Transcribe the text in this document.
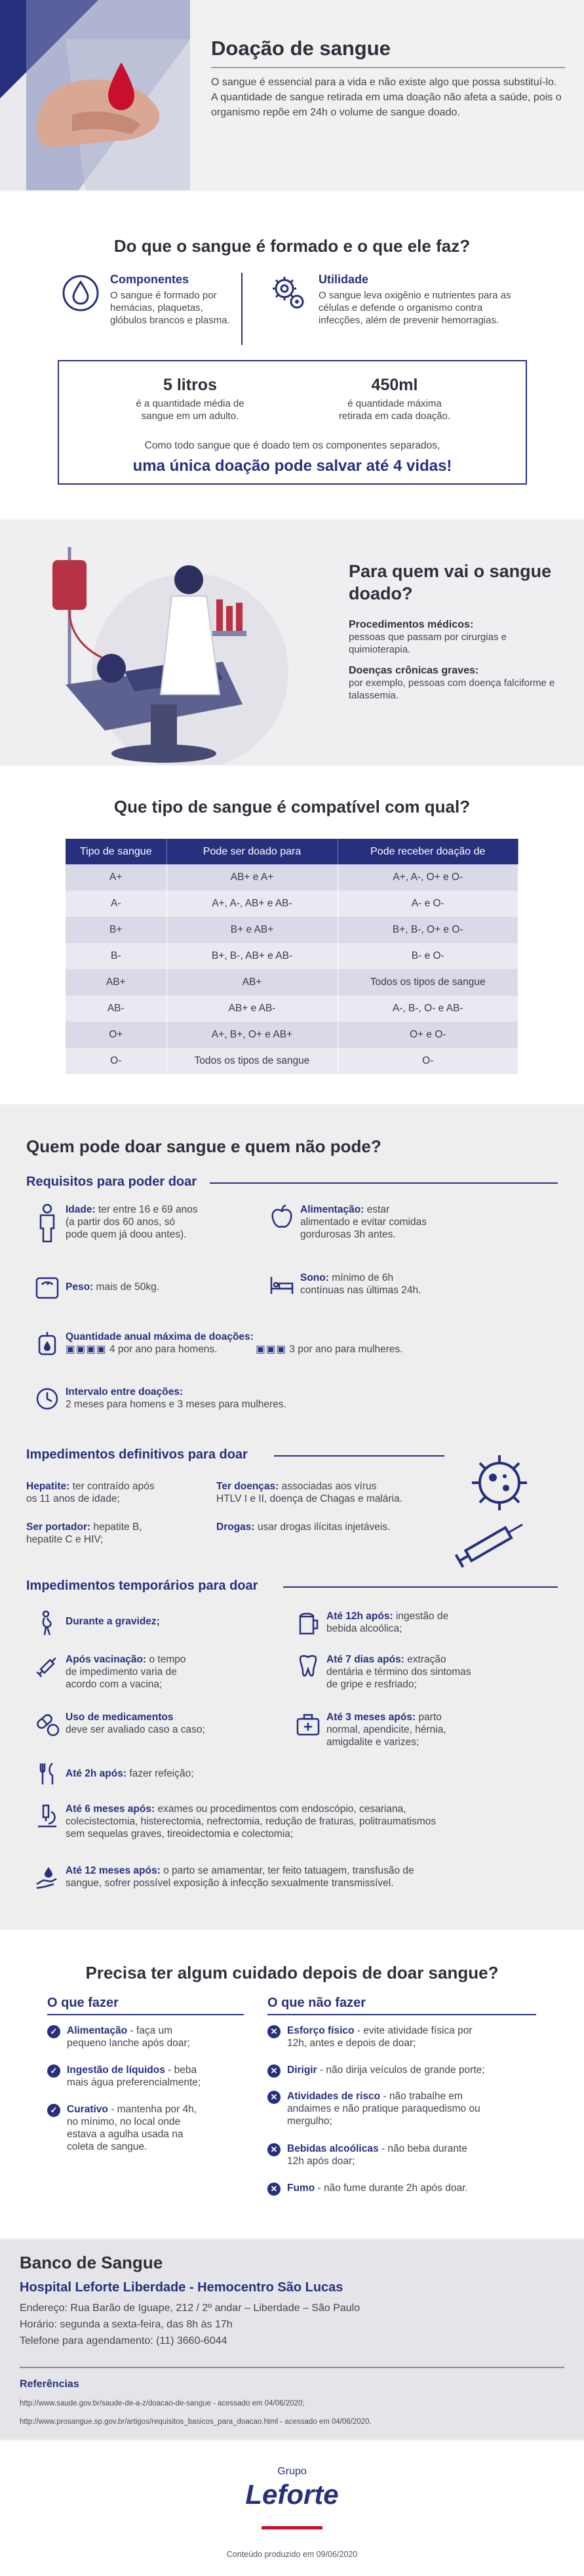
Doação de sangue
O sangue é essencial para a vida e não existe algo que possa substituí-lo. A quantidade de sangue retirada em uma doação não afeta a saúde, pois o organismo repõe em 24h o volume de sangue doado.
Do que o sangue é formado e o que ele faz?
Componentes
O sangue é formado por hemácias, plaquetas, glóbulos brancos e plasma.
Utilidade
O sangue leva oxigênio e nutrientes para as células e defende o organismo contra infecções, além de prevenir hemorragias.
5 litros
é a quantidade média de sangue em um adulto.
450ml
é quantidade máxima retirada em cada doação.
Como todo sangue que é doado tem os componentes separados,
uma única doação pode salvar até 4 vidas!
Para quem vai o sangue doado?
Procedimentos médicos:
pessoas que passam por cirurgias e quimioterapia.
Doenças crônicas graves:
por exemplo, pessoas com doença falciforme e talassemia.
Que tipo de sangue é compatível com qual?
Tipo de sangue	Pode ser doado para	Pode receber doação de
A+	AB+ e A+	A+, A-, O+ e O-
A-	A+, A-, AB+ e AB-	A- e O-
B+	B+ e AB+	B+, B-, O+ e O-
B-	B+, B-, AB+ e AB-	B- e O-
AB+	AB+	Todos os tipos de sangue
AB-	AB+ e AB-	A-, B-, O- e AB-
O+	A+, B+, O+ e AB+	O+ e O-
O-	Todos os tipos de sangue	O-
Quem pode doar sangue e quem não pode?
Requisitos para poder doar
Idade: ter entre 16 e 69 anos
(a partir dos 60 anos, só
pode quem já doou antes).
Alimentação: estar
alimentado e evitar comidas
gordurosas 3h antes.
Peso: mais de 50kg.
Sono: mínimo de 6h
contínuas nas últimas 24h.
Quantidade anual máxima de doações:
▣▣▣▣ 4 por ano para homens.	▣▣▣ 3 por ano para mulheres.
Intervalo entre doações:
2 meses para homens e 3 meses para mulheres.
Impedimentos definitivos para doar
Hepatite: ter contraído após
os 11 anos de idade;
Ter doenças: associadas aos vírus
HTLV I e II, doença de Chagas e malária.
Ser portador: hepatite B,
hepatite C e HIV;
Drogas: usar drogas ilícitas injetáveis.
Impedimentos temporários para doar
Durante a gravidez;	Até 12h após: ingestão de
bebida alcoólica;
Após vacinação: o tempo
de impedimento varia de
acordo com a vacina;
Até 7 dias após: extração
dentária e término dos sintomas
de gripe e resfriado;
Uso de medicamentos
deve ser avaliado caso a caso;
Até 3 meses após: parto
normal, apendicite, hérnia,
amigdalite e varizes;
Até 2h após: fazer refeição;
Até 6 meses após: exames ou procedimentos com endoscópio, cesariana,
colecistectomia, histerectomia, nefrectomia, redução de fraturas, politraumatismos
sem sequelas graves, tireoidectomia e colectomia;
Até 12 meses após: o parto se amamentar, ter feito tatuagem, transfusão de
sangue, sofrer possível exposição à infecção sexualmente transmissível.
Precisa ter algum cuidado depois de doar sangue?
O que fazer
✓ Alimentação - faça um
pequeno lanche após doar;
✓ Ingestão de líquidos - beba
mais água preferencialmente;
✓ Curativo - mantenha por 4h,
no mínimo, no local onde
estava a agulha usada na
coleta de sangue.
O que não fazer
✕ Esforço físico - evite atividade física por
12h, antes e depois de doar;
✕ Dirigir - não dirija veículos de grande porte;
✕ Atividades de risco - não trabalhe em
andaimes e não pratique paraquedismo ou
mergulho;
✕ Bebidas alcoólicas - não beba durante
12h após doar;
✕ Fumo - não fume durante 2h após doar.
Banco de Sangue
Hospital Leforte Liberdade - Hemocentro São Lucas
Endereço: Rua Barão de Iguape, 212 / 2º andar – Liberdade – São Paulo
Horário: segunda a sexta-feira, das 8h às 17h
Telefone para agendamento: (11) 3660-6044
Referências
http://www.saude.gov.br/saude-de-a-z/doacao-de-sangue - acessado em 04/06/2020;
http://www.prosangue.sp.gov.br/artigos/requisitos_basicos_para_doacao.html - acessado em 04/06/2020.
Grupo
Leforte
Conteúdo produzido em 09/06/2020
